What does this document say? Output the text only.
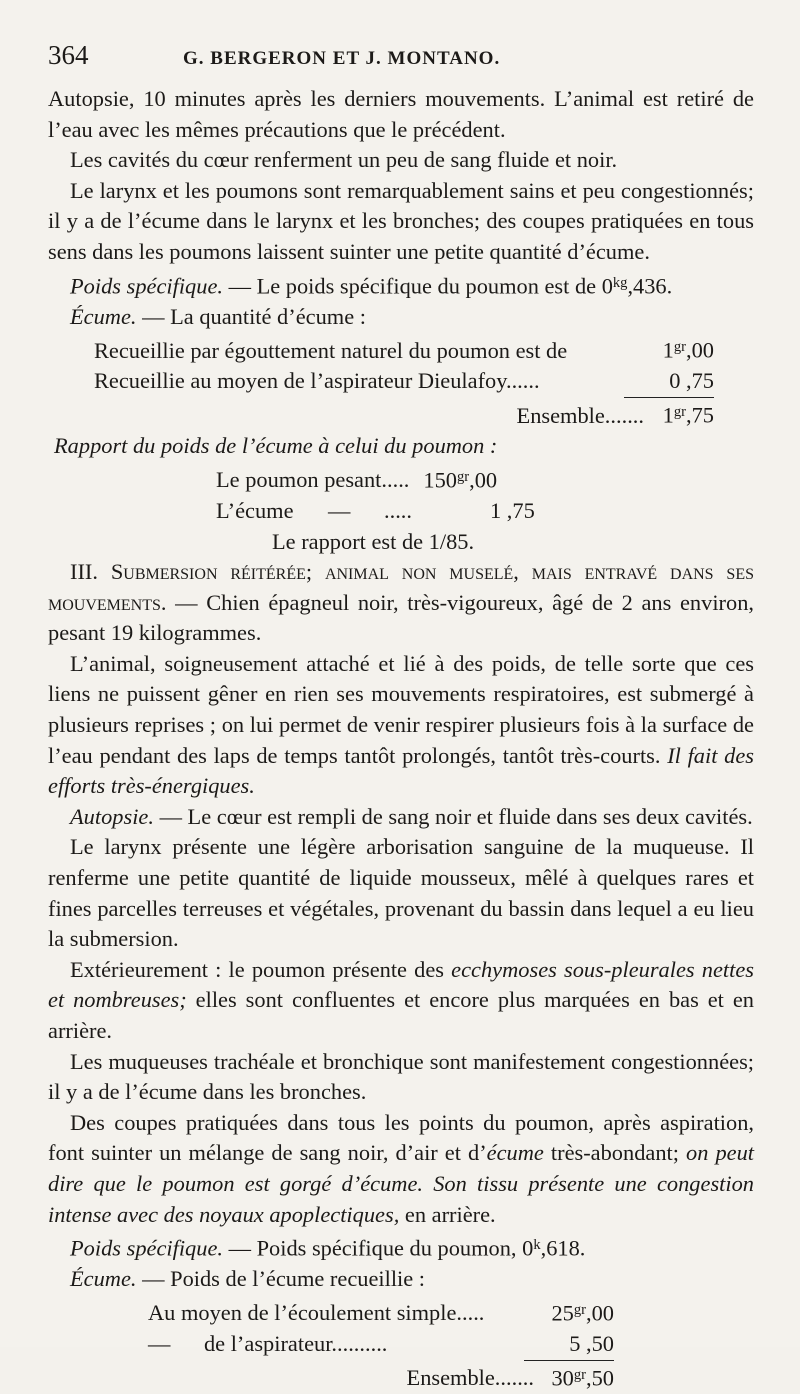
364	G. BERGERON ET J. MONTANO.

Autopsie, 10 minutes après les derniers mouvements. L’animal est retiré de l’eau avec les mêmes précautions que le précédent.

Les cavités du cœur renferment un peu de sang fluide et noir.

Le larynx et les poumons sont remarquablement sains et peu congestionnés; il y a de l’écume dans le larynx et les bronches; des coupes pratiquées en tous sens dans les poumons laissent suinter une petite quantité d’écume.

Poids spécifique. — Le poids spécifique du poumon est de $0^{kg},436$.

Écume. — La quantité d’écume :

Recueillie par égouttement naturel du poumon est de	$1^{gr},00$
Recueillie au moyen de l’aspirateur Dieulafoy......	0 ,75
Ensemble....... $1^{gr},75$

Rapport du poids de l’écume à celui du poumon :

Le poumon pesant..... $150^{gr},00$
L’écume	—	.....	1 ,75
Le rapport est de 1/85.

III. Submersion réitérée; animal non muselé, mais entravé dans ses mouvements. — Chien épagneul noir, très-vigoureux, âgé de 2 ans environ, pesant 19 kilogrammes.

L’animal, soigneusement attaché et lié à des poids, de telle sorte que ces liens ne puissent gêner en rien ses mouvements respiratoires, est submergé à plusieurs reprises ; on lui permet de venir respirer plusieurs fois à la surface de l’eau pendant des laps de temps tantôt prolongés, tantôt très-courts. Il fait des efforts très-énergiques.

Autopsie. — Le cœur est rempli de sang noir et fluide dans ses deux cavités.

Le larynx présente une légère arborisation sanguine de la muqueuse. Il renferme une petite quantité de liquide mousseux, mêlé à quelques rares et fines parcelles terreuses et végétales, provenant du bassin dans lequel a eu lieu la submersion.

Extérieurement : le poumon présente des ecchymoses sous-pleurales nettes et nombreuses; elles sont confluentes et encore plus marquées en bas et en arrière.

Les muqueuses trachéale et bronchique sont manifestement congestionnées; il y a de l’écume dans les bronches.

Des coupes pratiquées dans tous les points du poumon, après aspiration, font suinter un mélange de sang noir, d’air et d’écume très-abondant; on peut dire que le poumon est gorgé d’écume. Son tissu présente une congestion intense avec des noyaux apoplectiques, en arrière.

Poids spécifique. — Poids spécifique du poumon, 0$^k$,618.

Écume. — Poids de l’écume recueillie :

Au moyen de l’écoulement simple.....	$25^{gr},00$
—      de l’aspirateur..........	5 ,50
Ensemble....... $30^{gr},50$
